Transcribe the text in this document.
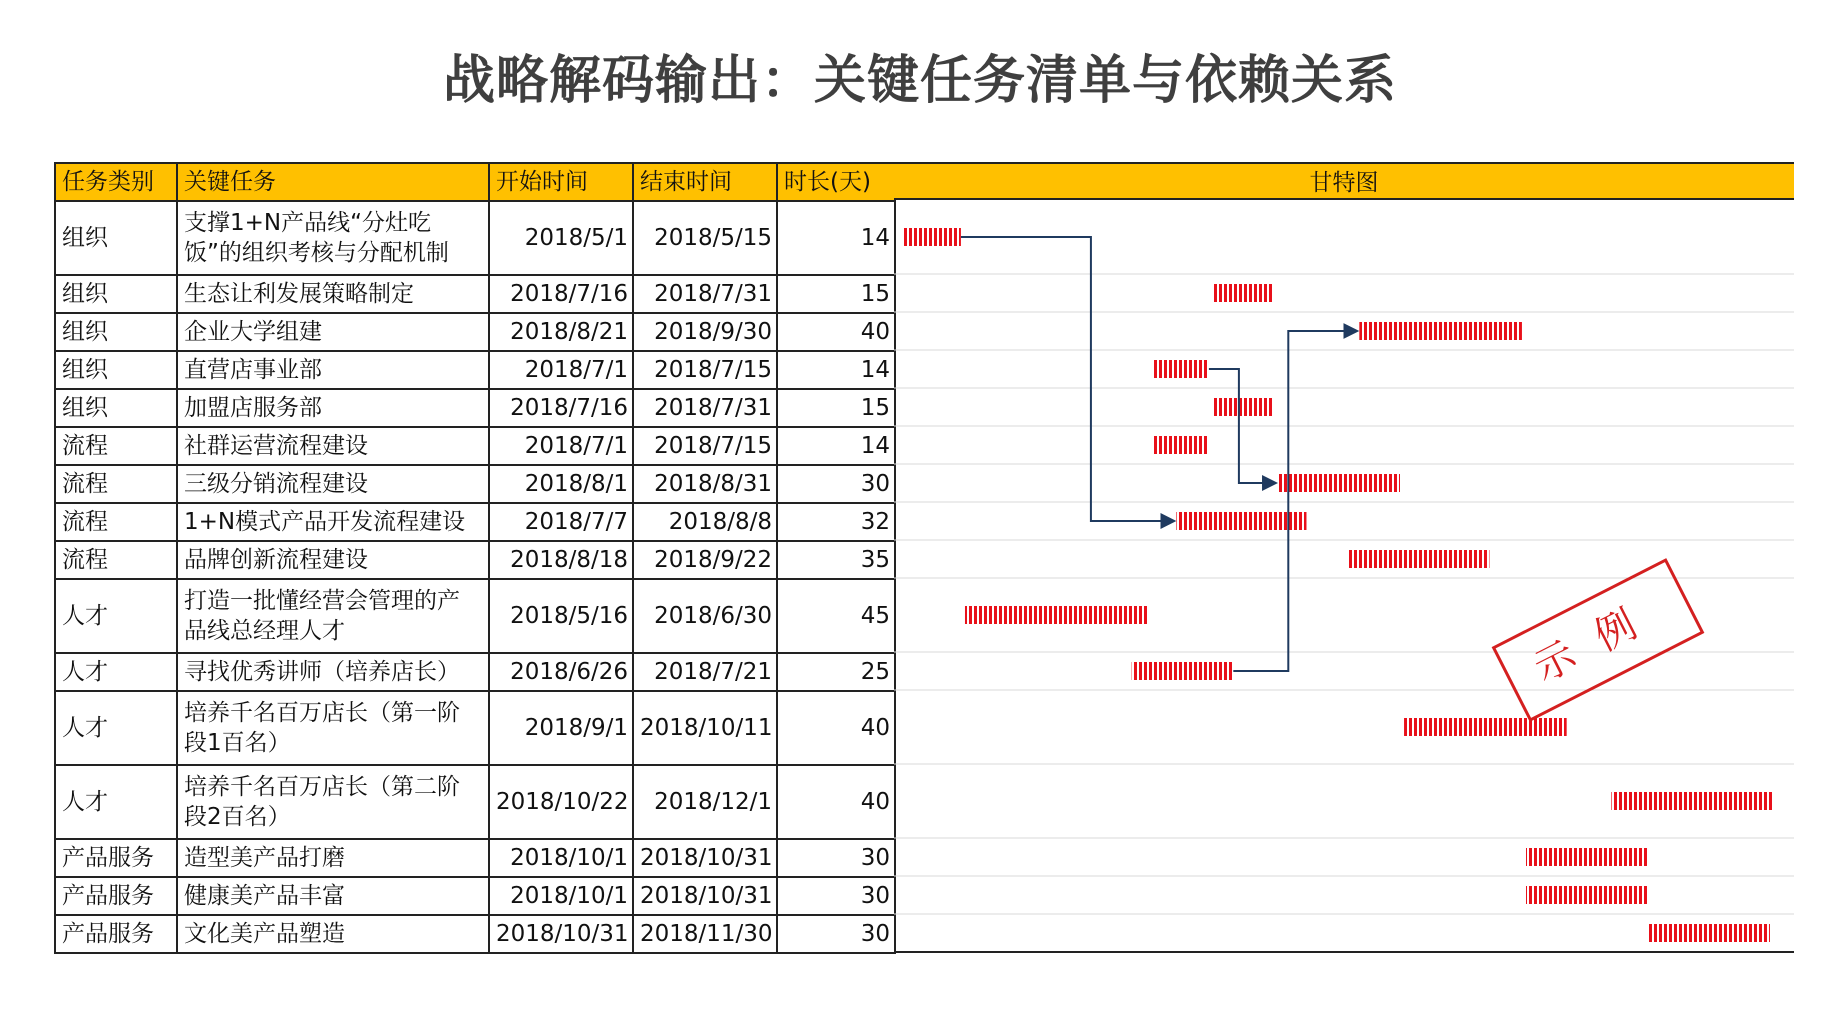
战略解码输出：关键任务清单与依赖关系
任务类别	关键任务	开始时间	结束时间	时长(天)
组织	支撑1+N产品线“分灶吃饭”的组织考核与分配机制	2018/5/1	2018/5/15	14
组织	生态让利发展策略制定	2018/7/16	2018/7/31	15
组织	企业大学组建	2018/8/21	2018/9/30	40
组织	直营店事业部	2018/7/1	2018/7/15	14
组织	加盟店服务部	2018/7/16	2018/7/31	15
流程	社群运营流程建设	2018/7/1	2018/7/15	14
流程	三级分销流程建设	2018/8/1	2018/8/31	30
流程	1+N模式产品开发流程建设	2018/7/7	2018/8/8	32
流程	品牌创新流程建设	2018/8/18	2018/9/22	35
人才	打造一批懂经营会管理的产品线总经理人才	2018/5/16	2018/6/30	45
人才	寻找优秀讲师（培养店长）	2018/6/26	2018/7/21	25
人才	培养千名百万店长（第一阶段1百名）	2018/9/1	2018/10/11	40
人才	培养千名百万店长（第二阶段2百名）	2018/10/22	2018/12/1	40
产品服务	造型美产品打磨	2018/10/1	2018/10/31	30
产品服务	健康美产品丰富	2018/10/1	2018/10/31	30
产品服务	文化美产品塑造	2018/10/31	2018/11/30	30
甘特图
示例
